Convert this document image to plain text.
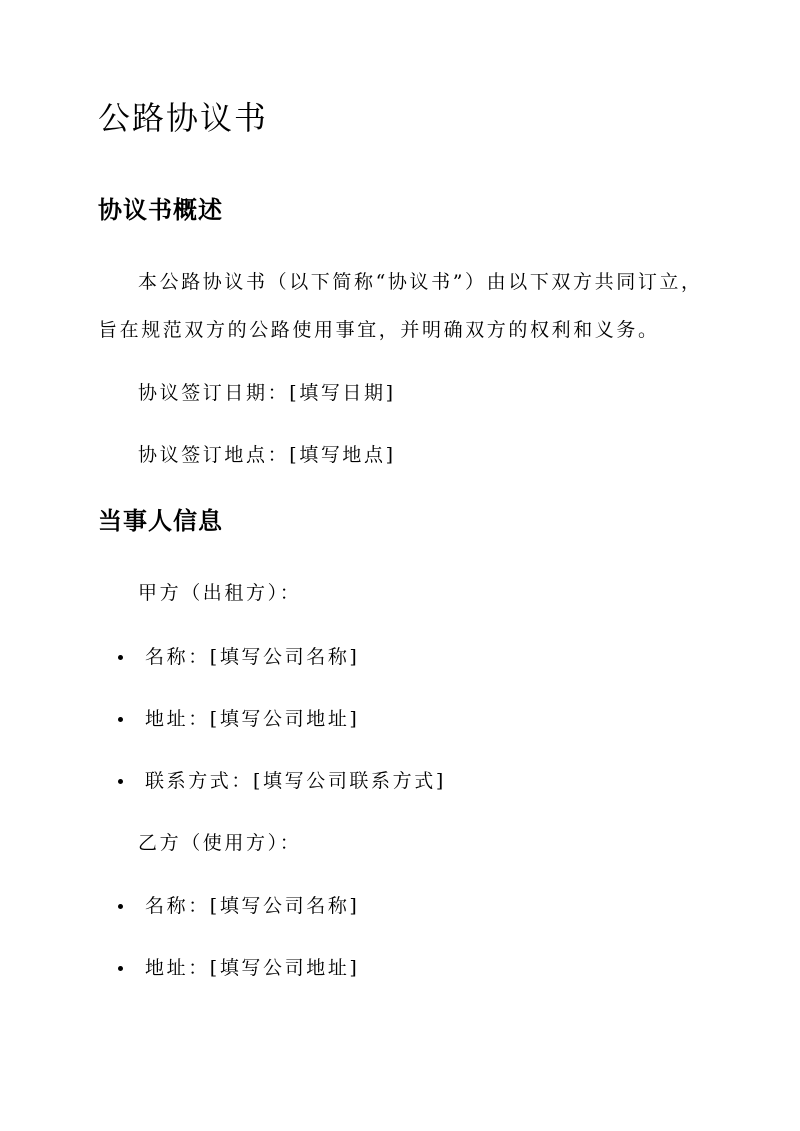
公路协议书
协议书概述

本公路协议书（以下简称“协议书”）由以下双方共同订立，

旨在规范双方的公路使用事宜，并明确双方的权利和义务。

协议签订日期：[填写日期]

协议签订地点：[填写地点]

当事人信息

甲方（出租方）：

名称：[填写公司名称]
地址：[填写公司地址]
联系方式：[填写公司联系方式]

乙方（使用方）：

名称：[填写公司名称]
地址：[填写公司地址]
